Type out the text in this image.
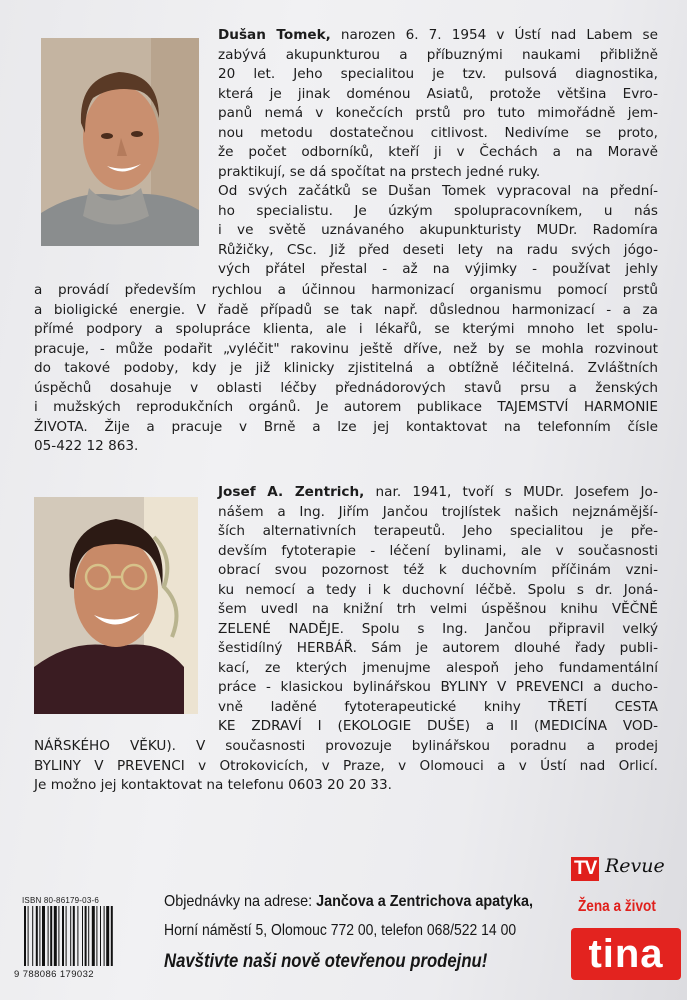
Dušan Tomek, narozen 6. 7. 1954 v Ústí nad Labem se
zabývá akupunkturou a příbuznými naukami přibližně
20 let. Jeho specialitou je tzv. pulsová diagnostika,
která je jinak doménou Asiatů, protože většina Evro-
panů nemá v konečcích prstů pro tuto mimořádně jem-
nou metodu dostatečnou citlivost. Nedivíme se proto,
že počet odborníků, kteří ji v Čechách a na Moravě
praktikují, se dá spočítat na prstech jedné ruky.
Od svých začátků se Dušan Tomek vypracoval na přední-
ho specialistu. Je úzkým spolupracovníkem, u nás
i ve světě uznávaného akupunkturisty MUDr. Radomíra
Růžičky, CSc. Již před deseti lety na radu svých jógo-
vých přátel přestal - až na výjimky - používat jehly
a provádí především rychlou a účinnou harmonizací organismu pomocí prstů
a bioligické energie. V řadě případů se tak např. důslednou harmonizací - a za
přímé podpory a spolupráce klienta, ale i lékařů, se kterými mnoho let spolu-
pracuje, - může podařit „vyléčit" rakovinu ještě dříve, než by se mohla rozvinout
do takové podoby, kdy je již klinicky zjistitelná a obtížně léčitelná. Zvláštních
úspěchů dosahuje v oblasti léčby přednádorových stavů prsu a ženských
i mužských reprodukčních orgánů. Je autorem publikace TAJEMSTVÍ HARMONIE
ŽIVOTA. Žije a pracuje v Brně a lze jej kontaktovat na telefonním čísle
05-422 12 863.
Josef A. Zentrich, nar. 1941, tvoří s MUDr. Josefem Jo-
nášem a Ing. Jiřím Jančou trojlístek našich nejznámější-
ších alternativních terapeutů. Jeho specialitou je pře-
devším fytoterapie - léčení bylinami, ale v současnosti
obrací svou pozornost též k duchovním příčinám vzni-
ku nemocí a tedy i k duchovní léčbě. Spolu s dr. Joná-
šem uvedl na knižní trh velmi úspěšnou knihu VĚČNĚ
ZELENÉ NADĚJE. Spolu s Ing. Jančou připravil velký
šestidílný HERBÁŘ. Sám je autorem dlouhé řady publi-
kací, ze kterých jmenujme alespoň jeho fundamentální
práce - klasickou bylinářskou BYLINY V PREVENCI a ducho-
vně laděné fytoterapeutické knihy TŘETÍ CESTA
KE ZDRAVÍ I (EKOLOGIE DUŠE) a II (MEDICÍNA VOD-
NÁŘSKÉHO VĚKU). V současnosti provozuje bylinářskou poradnu a prodej
BYLINY V PREVENCI v Otrokovicích, v Praze, v Olomouci a v Ústí nad Orlicí.
Je možno jej kontaktovat na telefonu 0603 20 20 33.
ISBN 80-86179-03-6
9 788086 179032
Objednávky na adrese: Jančova a Zentrichova apatyka,
Horní náměstí 5, Olomouc 772 00, telefon 068/522 14 00
Navštivte naši nově otevřenou prodejnu!
TV Revue
Žena a život
tina
